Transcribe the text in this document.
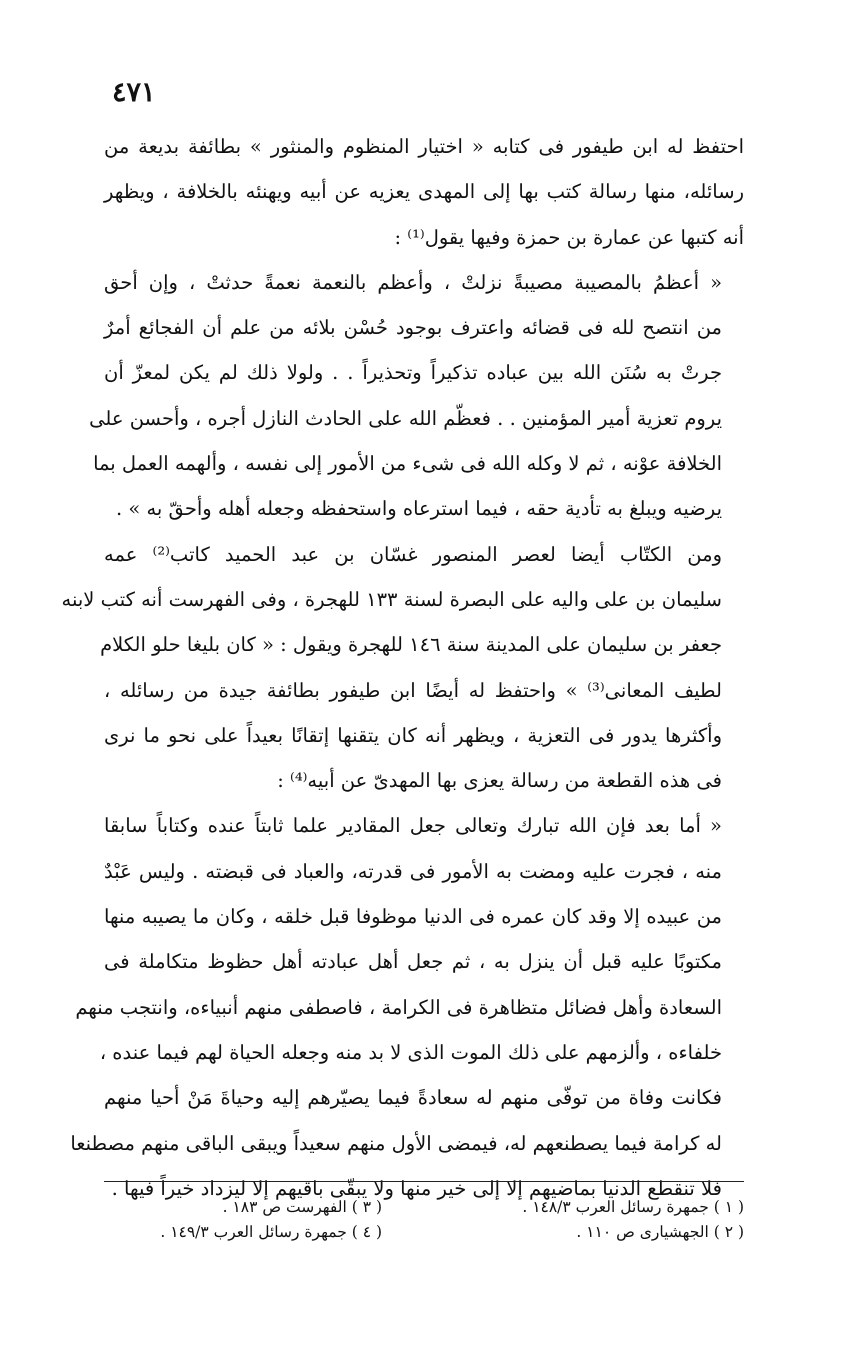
٤٧١
احتفظ له ابن طيفور فى كتابه « اختيار المنظوم والمنثور » بطائفة بديعة من
رسائله، منها رسالة كتب بها إلى المهدى يعزيه عن أبيه ويهنئه بالخلافة ، ويظهر
أنه كتبها عن عمارة بن حمزة وفيها يقول⁽¹⁾ :
« أعظمُ بالمصيبة مصيبةً نزلتْ ، وأعظم بالنعمة نعمةً حدثتْ ، وإن أحق
من انتصح لله فى قضائه واعترف بوجود حُسْن بلائه من علم أن الفجائع أمرٌ
جرتْ به سُنَن الله بين عباده تذكيراً وتحذيراً . . ولولا ذلك لم يكن لمعزّ أن
يروم تعزية أمير المؤمنين . . فعظّم الله على الحادث النازل أجره ، وأحسن على
الخلافة عوْنه ، ثم لا وكله الله فى شىء من الأمور إلى نفسه ، وألهمه العمل بما
يرضيه ويبلغ به تأدية حقه ، فيما استرعاه واستحفظه وجعله أهله وأحقّ به » .
ومن الكتّاب أيضا لعصر المنصور غسّان بن عبد الحميد كاتب⁽²⁾ عمه
سليمان بن على واليه على البصرة لسنة ١٣٣ للهجرة ، وفى الفهرست أنه كتب لابنه
جعفر بن سليمان على المدينة سنة ١٤٦ للهجرة ويقول : « كان بليغا حلو الكلام
لطيف المعانى⁽³⁾ » واحتفظ له أيضًا ابن طيفور بطائفة جيدة من رسائله ،
وأكثرها يدور فى التعزية ، ويظهر أنه كان يتقنها إتقانًا بعيداً على نحو ما نرى
فى هذه القطعة من رسالة يعزى بها المهدىّ عن أبيه⁽⁴⁾ :
« أما بعد فإن الله تبارك وتعالى جعل المقادير علما ثابتاً عنده وكتاباً سابقا
منه ، فجرت عليه ومضت به الأمور فى قدرته، والعباد فى قبضته . وليس عَبْدٌ
من عبيده إلا وقد كان عمره فى الدنيا موظوفا قبل خلقه ، وكان ما يصيبه منها
مكتوبًا عليه قبل أن ينزل به ، ثم جعل أهل عبادته أهل حظوظ متكاملة فى
السعادة وأهل فضائل متظاهرة فى الكرامة ، فاصطفى منهم أنبياءه، وانتجب منهم
خلفاءه ، وألزمهم على ذلك الموت الذى لا بد منه وجعله الحياة لهم فيما عنده ،
فكانت وفاة من توفّى منهم له سعادةً فيما يصيّرهم إليه وحياةَ مَنْ أحيا منهم
له كرامة فيما يصطنعهم له، فيمضى الأول منهم سعيداً ويبقى الباقى منهم مصطنعا
فلا تنقطع الدنيا بماضيهم إلا إلى خير منها ولا يبقّى باقيهم إلا ليزداد خيراً فيها .
( ١ ) جمهرة رسائل العرب ١٤٨/٣ .
( ٢ ) الجهشيارى ص ١١٠ .
( ٣ ) الفهرست ص ١٨٣ .
( ٤ ) جمهرة رسائل العرب ١٤٩/٣ .
